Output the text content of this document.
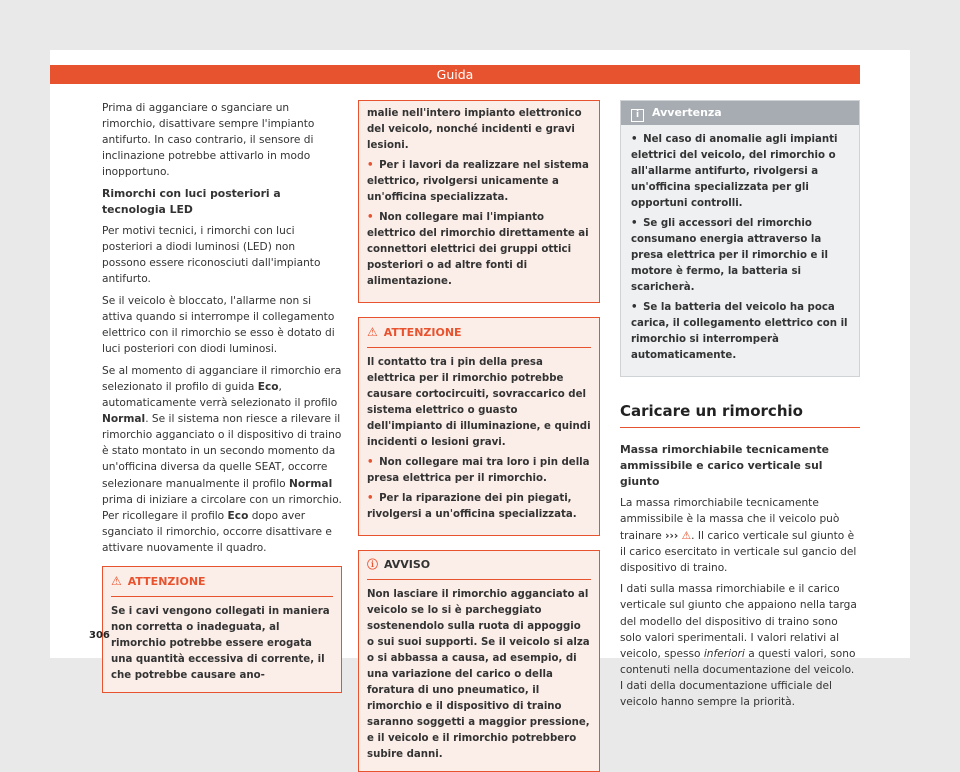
Guida

Prima di agganciare o sganciare un rimorchio, disattivare sempre l'impianto antifurto. In caso contrario, il sensore di inclinazione potrebbe attivarlo in modo inopportuno.

Rimorchi con luci posteriori a tecnologia LED

Per motivi tecnici, i rimorchi con luci posteriori a diodi luminosi (LED) non possono essere riconosciuti dall'impianto antifurto.

Se il veicolo è bloccato, l'allarme non si attiva quando si interrompe il collegamento elettrico con il rimorchio se esso è dotato di luci posteriori con diodi luminosi.

Se al momento di agganciare il rimorchio era selezionato il profilo di guida Eco, automaticamente verrà selezionato il profilo Normal. Se il sistema non riesce a rilevare il rimorchio agganciato o il dispositivo di traino è stato montato in un secondo momento da un'officina diversa da quelle SEAT, occorre selezionare manualmente il profilo Normal prima di iniziare a circolare con un rimorchio. Per ricollegare il profilo Eco dopo aver sganciato il rimorchio, occorre disattivare e attivare nuovamente il quadro.

⚠ ATTENZIONE
Se i cavi vengono collegati in maniera non corretta o inadeguata, al rimorchio potrebbe essere erogata una quantità eccessiva di corrente, il che potrebbe causare ano-

malie nell'intero impianto elettronico del veicolo, nonché incidenti e gravi lesioni.

• Per i lavori da realizzare nel sistema elettrico, rivolgersi unicamente a un'officina specializzata.

• Non collegare mai l'impianto elettrico del rimorchio direttamente ai connettori elettrici dei gruppi ottici posteriori o ad altre fonti di alimentazione.

⚠ ATTENZIONE

Il contatto tra i pin della presa elettrica per il rimorchio potrebbe causare cortocircuiti, sovraccarico del sistema elettrico o guasto dell'impianto di illuminazione, e quindi incidenti o lesioni gravi.

• Non collegare mai tra loro i pin della presa elettrica per il rimorchio.

• Per la riparazione dei pin piegati, rivolgersi a un'officina specializzata.

ⓘ AVVISO
Non lasciare il rimorchio agganciato al veicolo se lo si è parcheggiato sostenendolo sulla ruota di appoggio o sui suoi supporti. Se il veicolo si alza o si abbassa a causa, ad esempio, di una variazione del carico o della foratura di uno pneumatico, il rimorchio e il dispositivo di traino saranno soggetti a maggior pressione, e il veicolo e il rimorchio potrebbero subire danni.
i Avvertenza

• Nel caso di anomalie agli impianti elettrici del veicolo, del rimorchio o all'allarme antifurto, rivolgersi a un'officina specializzata per gli opportuni controlli.

• Se gli accessori del rimorchio consumano energia attraverso la presa elettrica per il rimorchio e il motore è fermo, la batteria si scaricherà.

• Se la batteria del veicolo ha poca carica, il collegamento elettrico con il rimorchio si interromperà automaticamente.

Caricare un rimorchio
Massa rimorchiabile tecnicamente ammissibile e carico verticale sul giunto

La massa rimorchiabile tecnicamente ammissibile è la massa che il veicolo può trainare ››› ⚠. Il carico verticale sul giunto è il carico esercitato in verticale sul gancio del dispositivo di traino.

I dati sulla massa rimorchiabile e il carico verticale sul giunto che appaiono nella targa del modello del dispositivo di traino sono solo valori sperimentali. I valori relativi al veicolo, spesso inferiori a questi valori, sono contenuti nella documentazione del veicolo. I dati della documentazione ufficiale del veicolo hanno sempre la priorità.

306
